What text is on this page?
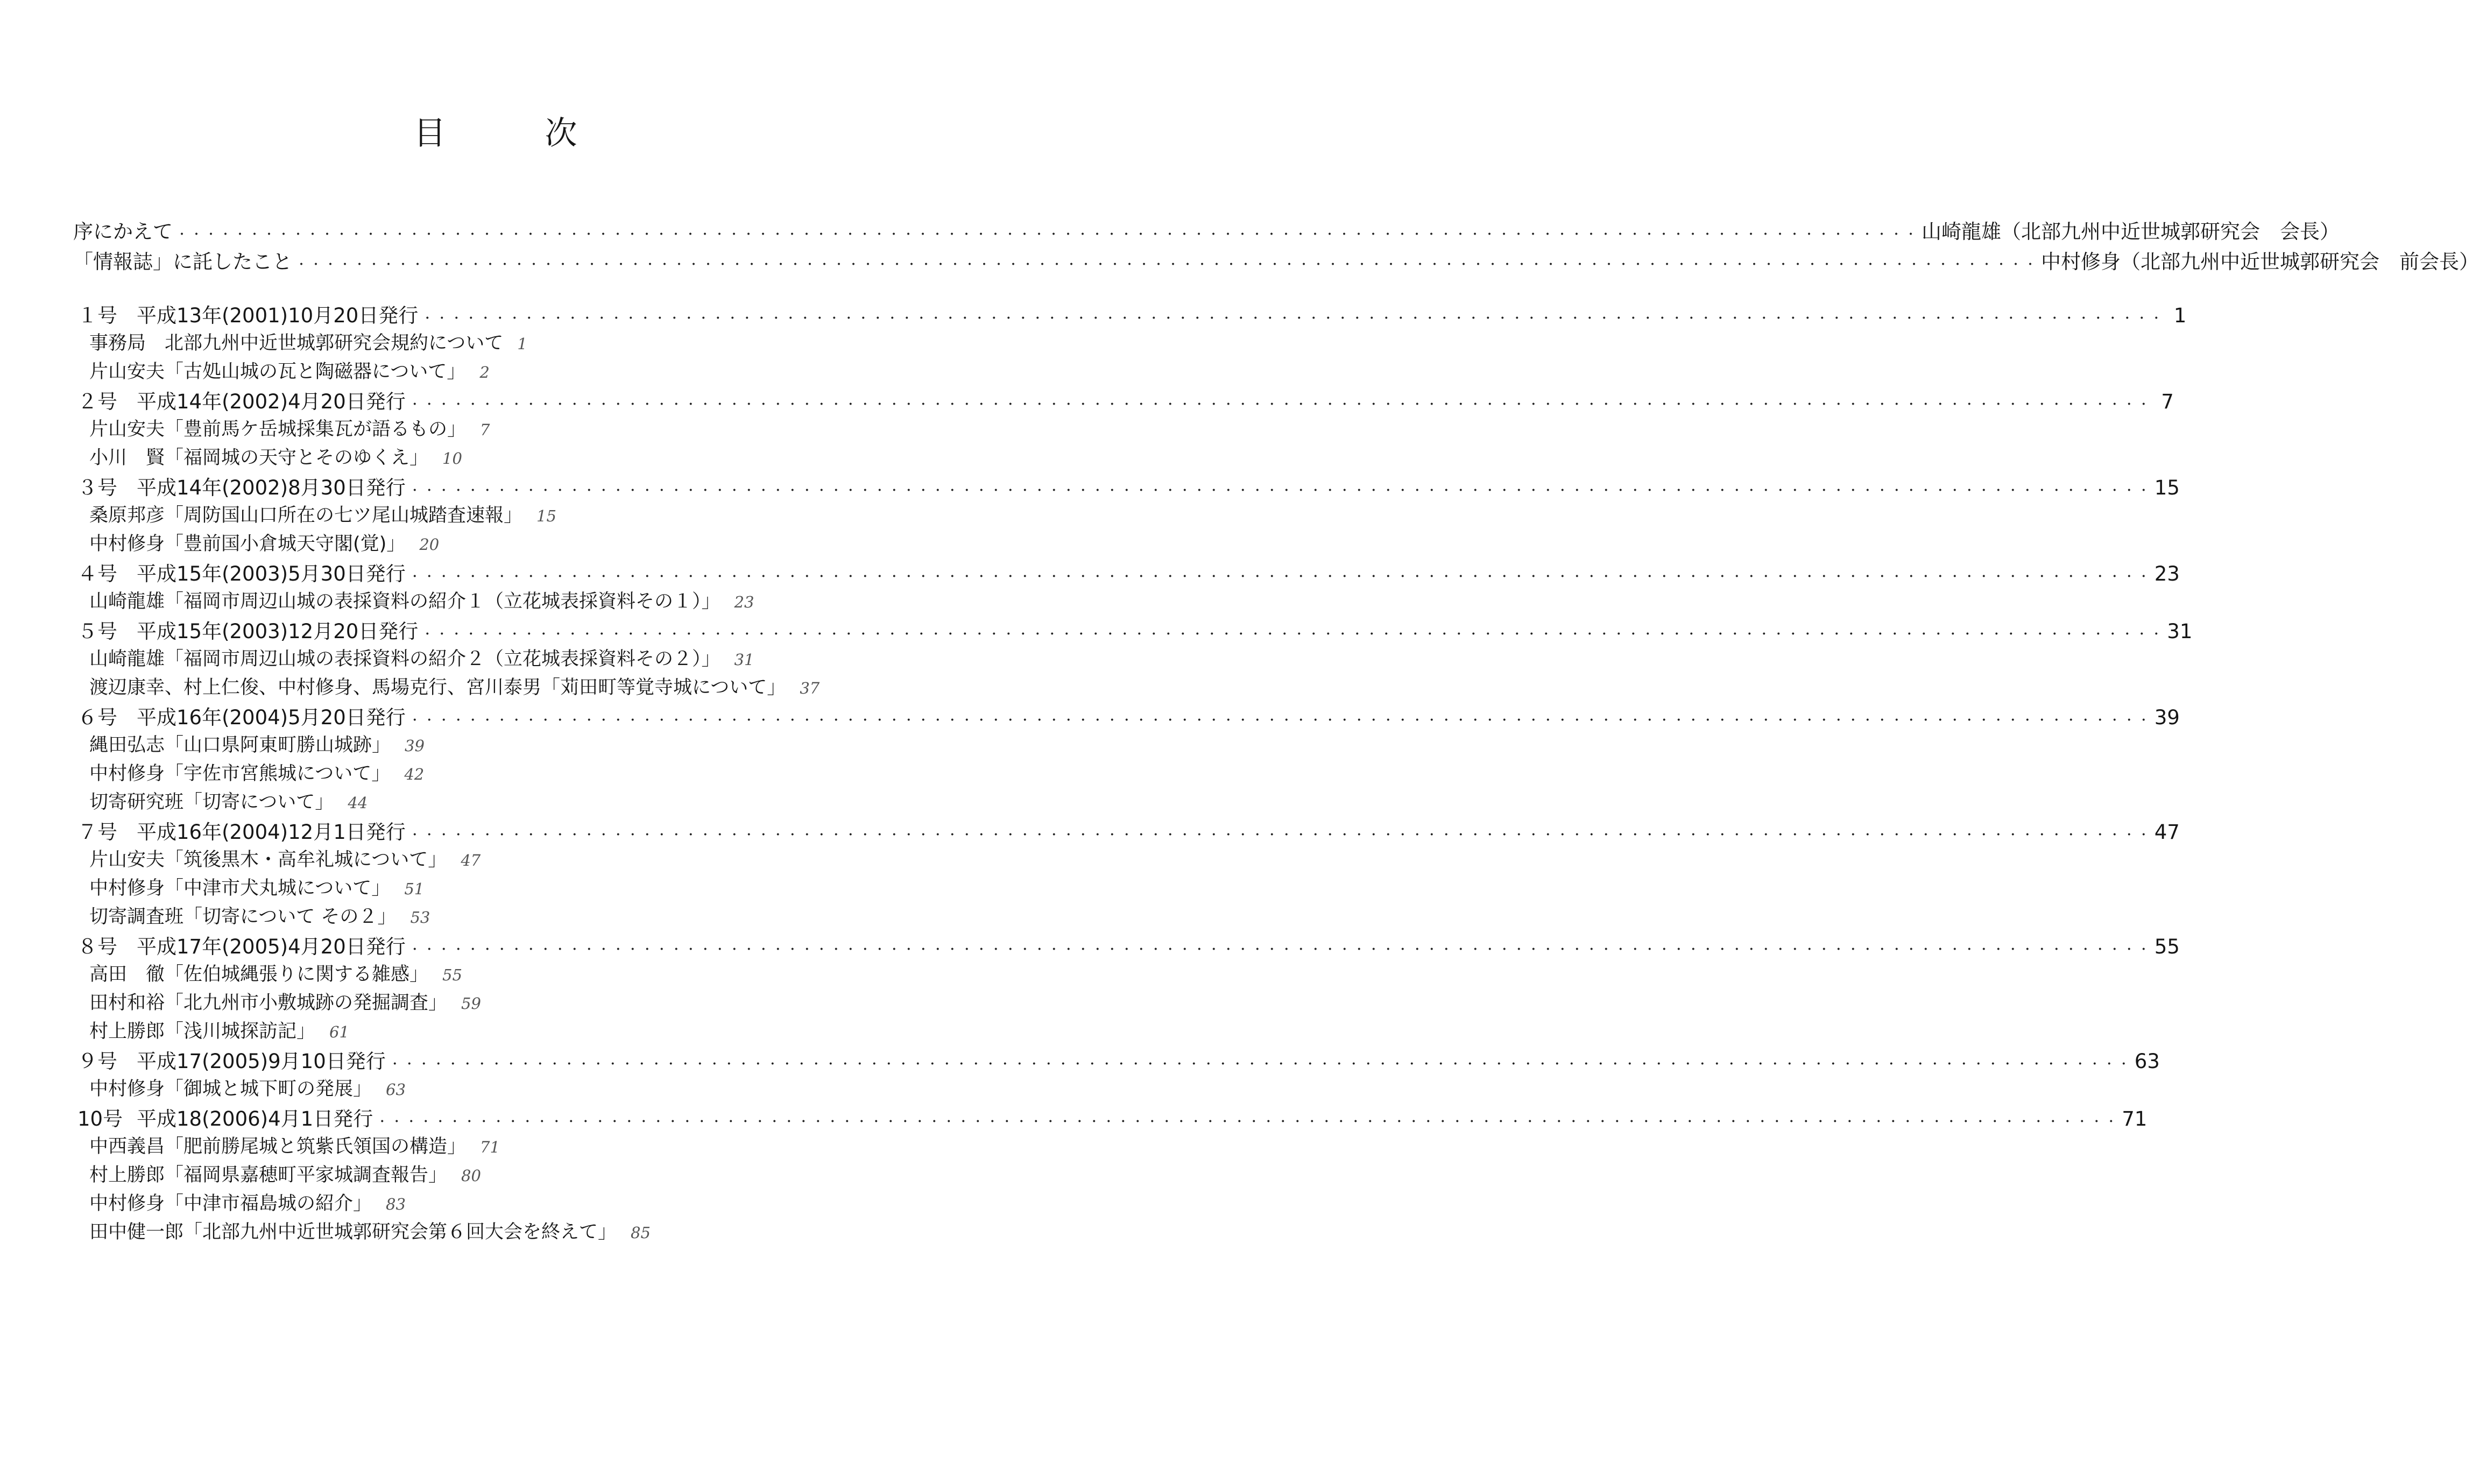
目　次
序にかえて ・・・・・・・・・・・・・・・・・・・・・・・・・・・・・・・・・・・・・・・・・・・・・・・・・・・・・・・・・・・・・・・・・・・・・・・・・・・・・・・・・・・・・・・・・・・・・・・・・・・・・・・・・・・・・・・・・・・・・・・・ 山崎龍雄（北部九州中近世城郭研究会　会長）
「情報誌」に託したこと ・・・・・・・・・・・・・・・・・・・・・・・・・・・・・・・・・・・・・・・・・・・・・・・・・・・・・・・・・・・・・・・・・・・・・・・・・・・・・・・・・・・・・・・・・・・・・・・・・・・・・・・・・・・・・・・・・・・・・・・・ 中村修身（北部九州中近世城郭研究会　前会長）
１号 平成13年(2001)10月20日発行 ・・・・・・・・・・・・・・・・・・・・・・・・・・・・・・・・・・・・・・・・・・・・・・・・・・・・・・・・・・・・・・・・・・・・・・・・・・・・・・・・・・・・・・・・・・・・・・・・・・・・・・・・・・・・・・・・・・・・・・・・ 1
事務局　北部九州中近世城郭研究会規約について 1
片山安夫「古処山城の瓦と陶磁器について」 2
２号 平成14年(2002)4月20日発行 ・・・・・・・・・・・・・・・・・・・・・・・・・・・・・・・・・・・・・・・・・・・・・・・・・・・・・・・・・・・・・・・・・・・・・・・・・・・・・・・・・・・・・・・・・・・・・・・・・・・・・・・・・・・・・・・・・・・・・・・・ 7
片山安夫「豊前馬ケ岳城採集瓦が語るもの」 7
小川　賢「福岡城の天守とそのゆくえ」 10
３号 平成14年(2002)8月30日発行 ・・・・・・・・・・・・・・・・・・・・・・・・・・・・・・・・・・・・・・・・・・・・・・・・・・・・・・・・・・・・・・・・・・・・・・・・・・・・・・・・・・・・・・・・・・・・・・・・・・・・・・・・・・・・・・・・・・・・・・・・ 15
桑原邦彦「周防国山口所在の七ツ尾山城踏査速報」 15
中村修身「豊前国小倉城天守閣(覚)」 20
４号 平成15年(2003)5月30日発行 ・・・・・・・・・・・・・・・・・・・・・・・・・・・・・・・・・・・・・・・・・・・・・・・・・・・・・・・・・・・・・・・・・・・・・・・・・・・・・・・・・・・・・・・・・・・・・・・・・・・・・・・・・・・・・・・・・・・・・・・・ 23
山崎龍雄「福岡市周辺山城の表採資料の紹介１（立花城表採資料その１）」 23
５号 平成15年(2003)12月20日発行 ・・・・・・・・・・・・・・・・・・・・・・・・・・・・・・・・・・・・・・・・・・・・・・・・・・・・・・・・・・・・・・・・・・・・・・・・・・・・・・・・・・・・・・・・・・・・・・・・・・・・・・・・・・・・・・・・・・・・・・・・ 31
山崎龍雄「福岡市周辺山城の表採資料の紹介２（立花城表採資料その２）」 31
渡辺康幸、村上仁俊、中村修身、馬場克行、宮川泰男「苅田町等覚寺城について」 37
６号 平成16年(2004)5月20日発行 ・・・・・・・・・・・・・・・・・・・・・・・・・・・・・・・・・・・・・・・・・・・・・・・・・・・・・・・・・・・・・・・・・・・・・・・・・・・・・・・・・・・・・・・・・・・・・・・・・・・・・・・・・・・・・・・・・・・・・・・・ 39
縄田弘志「山口県阿東町勝山城跡」 39
中村修身「宇佐市宮熊城について」 42
切寄研究班「切寄について」 44
７号 平成16年(2004)12月1日発行 ・・・・・・・・・・・・・・・・・・・・・・・・・・・・・・・・・・・・・・・・・・・・・・・・・・・・・・・・・・・・・・・・・・・・・・・・・・・・・・・・・・・・・・・・・・・・・・・・・・・・・・・・・・・・・・・・・・・・・・・・ 47
片山安夫「筑後黒木・高牟礼城について」 47
中村修身「中津市犬丸城について」 51
切寄調査班「切寄について その２」 53
８号 平成17年(2005)4月20日発行 ・・・・・・・・・・・・・・・・・・・・・・・・・・・・・・・・・・・・・・・・・・・・・・・・・・・・・・・・・・・・・・・・・・・・・・・・・・・・・・・・・・・・・・・・・・・・・・・・・・・・・・・・・・・・・・・・・・・・・・・・ 55
高田　徹「佐伯城縄張りに関する雑感」 55
田村和裕「北九州市小敷城跡の発掘調査」 59
村上勝郎「浅川城探訪記」 61
９号 平成17(2005)9月10日発行 ・・・・・・・・・・・・・・・・・・・・・・・・・・・・・・・・・・・・・・・・・・・・・・・・・・・・・・・・・・・・・・・・・・・・・・・・・・・・・・・・・・・・・・・・・・・・・・・・・・・・・・・・・・・・・・・・・・・・・・・・ 63
中村修身「御城と城下町の発展」 63
10号 平成18(2006)4月1日発行 ・・・・・・・・・・・・・・・・・・・・・・・・・・・・・・・・・・・・・・・・・・・・・・・・・・・・・・・・・・・・・・・・・・・・・・・・・・・・・・・・・・・・・・・・・・・・・・・・・・・・・・・・・・・・・・・・・・・・・・・・ 71
中西義昌「肥前勝尾城と筑紫氏領国の構造」 71
村上勝郎「福岡県嘉穂町平家城調査報告」 80
中村修身「中津市福島城の紹介」 83
田中健一郎「北部九州中近世城郭研究会第６回大会を終えて」 85
